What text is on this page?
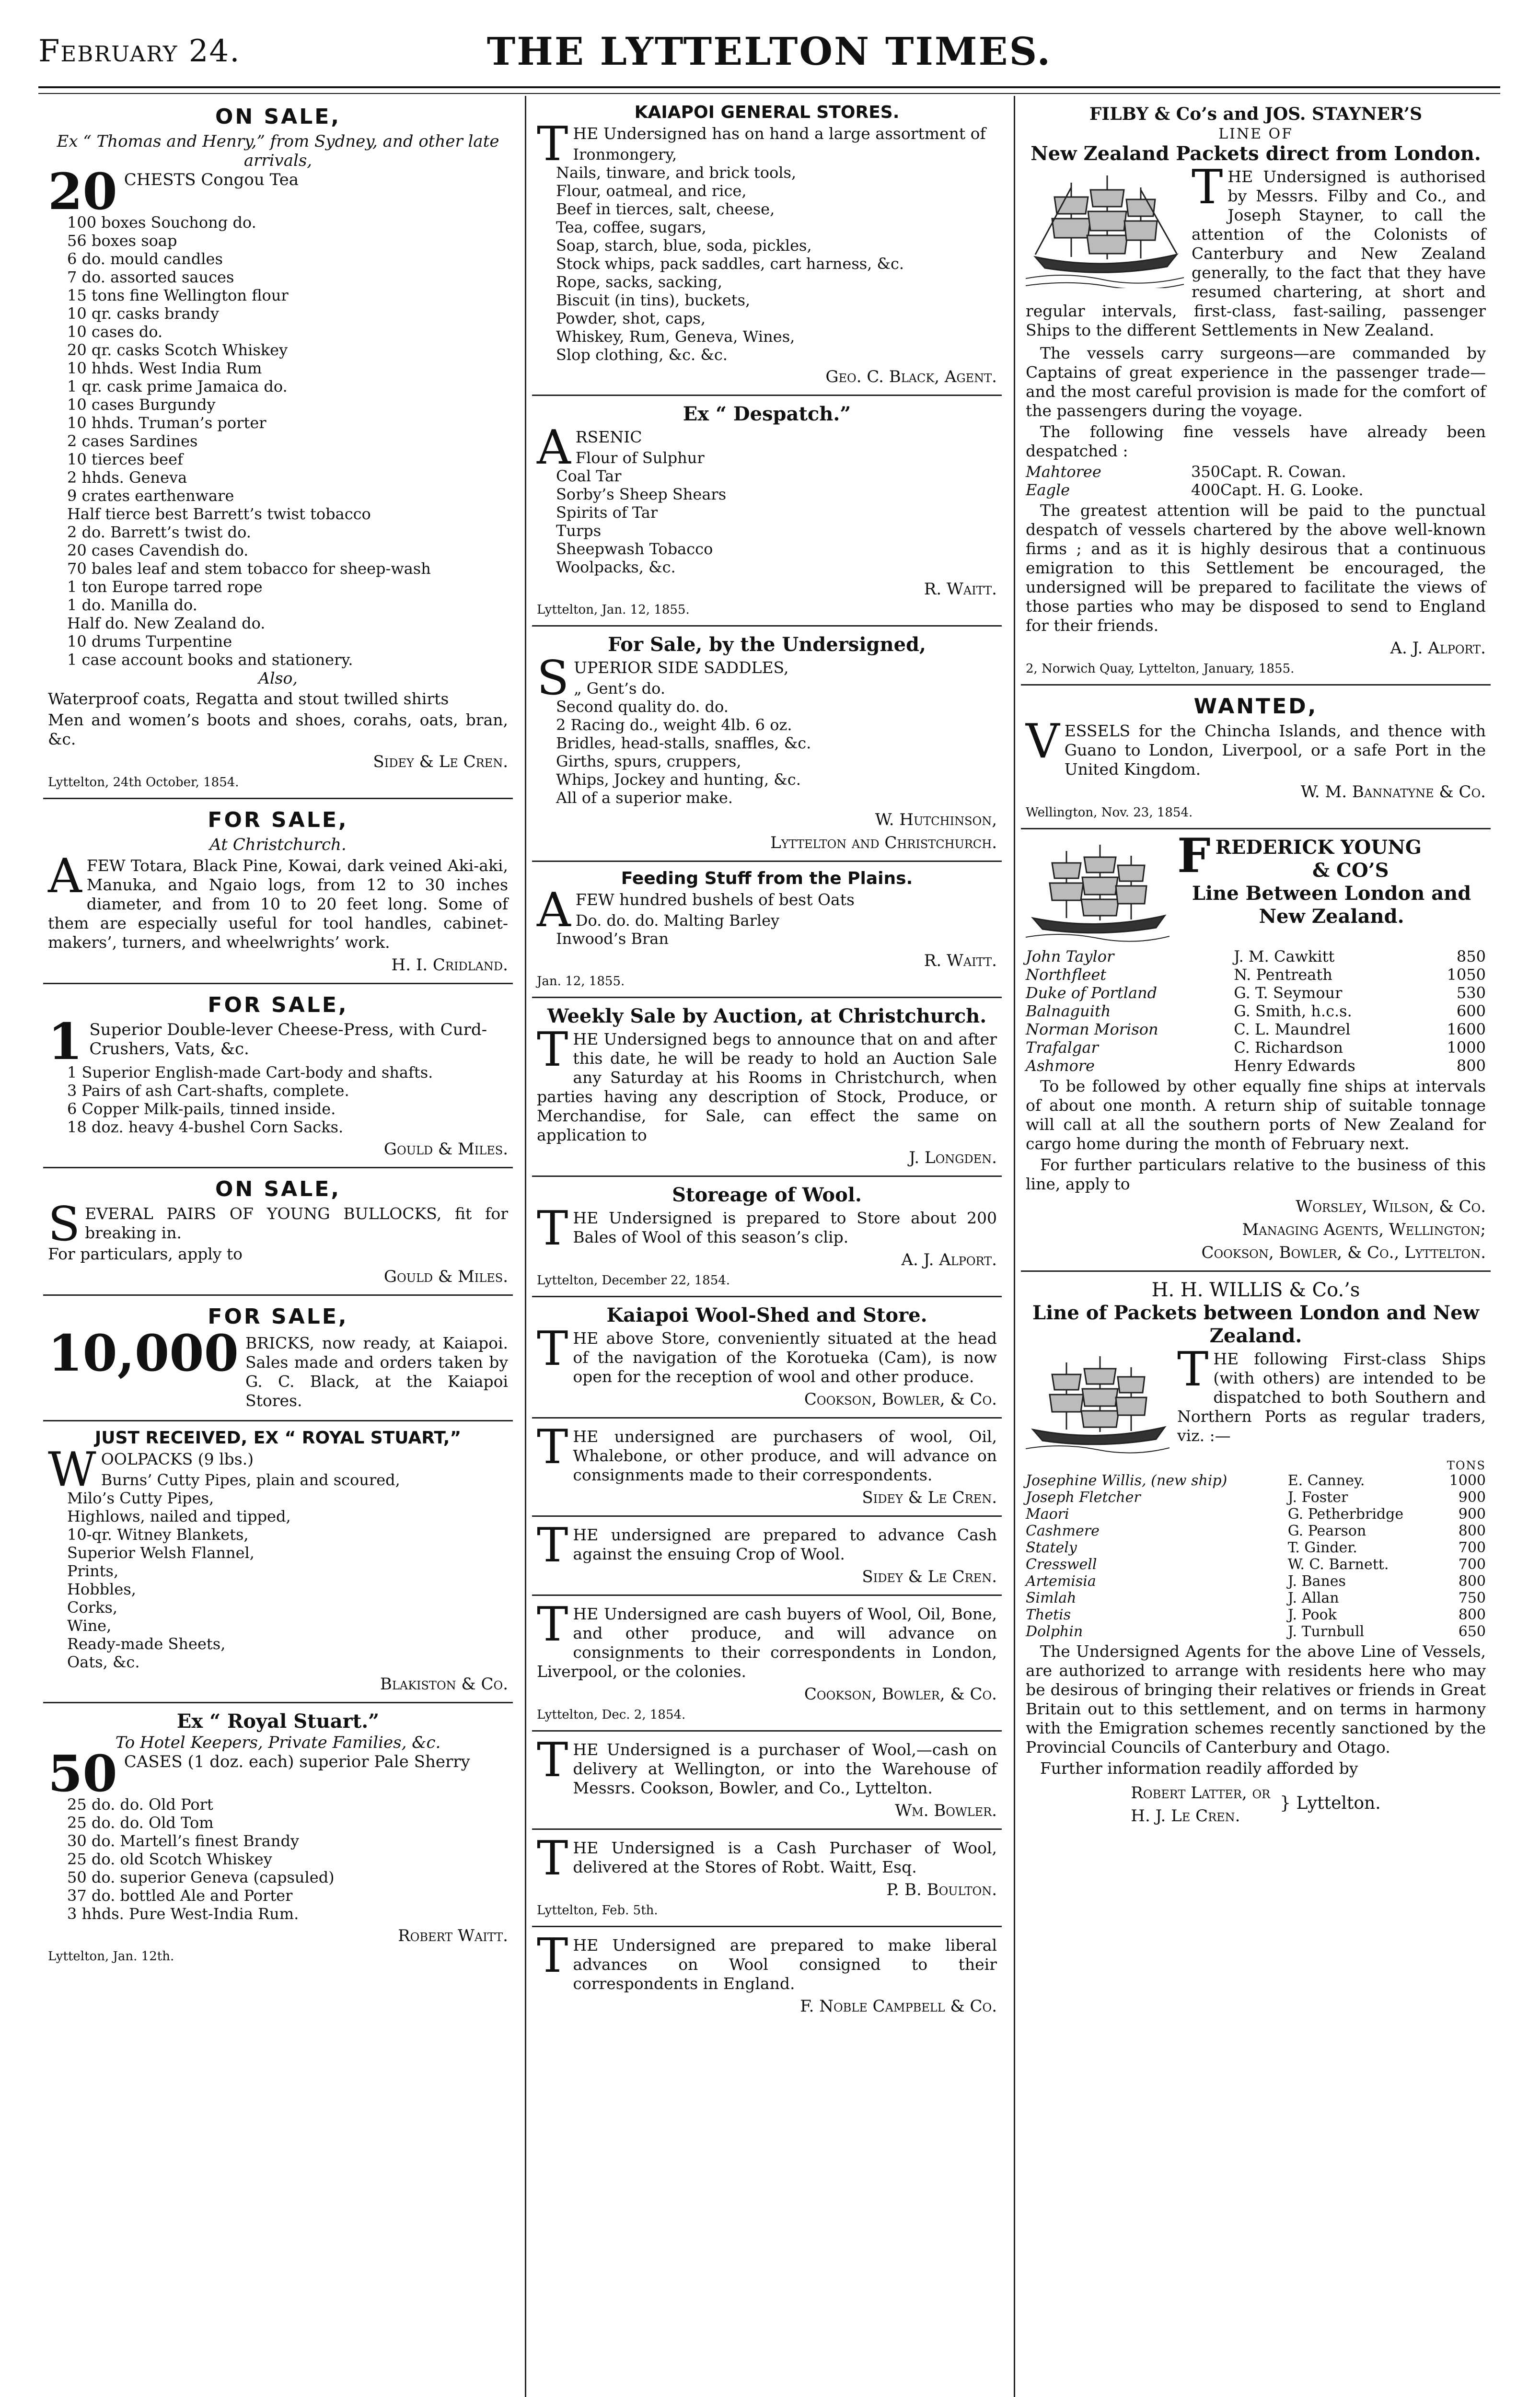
February 24.	THE LYTTELTON TIMES.
ON SALE,
Ex “ Thomas and Henry,” from Sydney, and other late arrivals,
20 CHESTS Congou Tea
100 boxes Souchong do.
56 boxes soap
6 do. mould candles
7 do. assorted sauces
15 tons fine Wellington flour
10 qr. casks brandy
10 cases do.
20 qr. casks Scotch Whiskey
10 hhds. West India Rum
1 qr. cask prime Jamaica do.
10 cases Burgundy
10 hhds. Truman’s porter
2 cases Sardines
10 tierces beef
2 hhds. Geneva
9 crates earthenware
Half tierce best Barrett’s twist tobacco
2 do. Barrett’s twist do.
20 cases Cavendish do.
70 bales leaf and stem tobacco for sheep-wash
1 ton Europe tarred rope
1 do. Manilla do.
Half do. New Zealand do.
10 drums Turpentine
1 case account books and stationery.
Also,
Waterproof coats, Regatta and stout twilled shirts
Men and women’s boots and shoes, corahs, oats, bran, &c.
Sidey & Le Cren.
Lyttelton, 24th October, 1854.
FOR SALE,
At Christchurch.
AFEW Totara, Black Pine, Kowai, dark veined Aki-aki, Manuka, and Ngaio logs, from 12 to 30 inches diameter, and from 10 to 20 feet long. Some of them are especially useful for tool handles, cabinet-makers’, turners, and wheelwrights’ work.
H. I. Cridland.
FOR SALE,
1 Superior Double-lever Cheese-Press, with Curd-Crushers, Vats, &c.
1 Superior English-made Cart-body and shafts.
3 Pairs of ash Cart-shafts, complete.
6 Copper Milk-pails, tinned inside.
18 doz. heavy 4-bushel Corn Sacks.
Gould & Miles.
ON SALE,
SEVERAL PAIRS OF YOUNG BULLOCKS, fit for breaking in.
For particulars, apply to
Gould & Miles.
FOR SALE,
10,000 BRICKS, now ready, at Kaiapoi. Sales made and orders taken by G. C. Black, at the Kaiapoi Stores.
JUST RECEIVED, EX “ ROYAL STUART,”
WOOLPACKS (9 lbs.)
Burns’ Cutty Pipes, plain and scoured,
Milo’s Cutty Pipes,
Highlows, nailed and tipped,
10-qr. Witney Blankets,
Superior Welsh Flannel,
Prints,
Hobbles,
Corks,
Wine,
Ready-made Sheets,
Oats, &c.
Blakiston & Co.
Ex “ Royal Stuart.”
To Hotel Keepers, Private Families, &c.
50 CASES (1 doz. each) superior Pale Sherry
25 do. do. Old Port
25 do. do. Old Tom
30 do. Martell’s finest Brandy
25 do. old Scotch Whiskey
50 do. superior Geneva (capsuled)
37 do. bottled Ale and Porter
3 hhds. Pure West-India Rum.
Robert Waitt.
Lyttelton, Jan. 12th.
KAIAPOI GENERAL STORES.
THE Undersigned has on hand a large assortment of
Ironmongery,
Nails, tinware, and brick tools,
Flour, oatmeal, and rice,
Beef in tierces, salt, cheese,
Tea, coffee, sugars,
Soap, starch, blue, soda, pickles,
Stock whips, pack saddles, cart harness, &c.
Rope, sacks, sacking,
Biscuit (in tins), buckets,
Powder, shot, caps,
Whiskey, Rum, Geneva, Wines,
Slop clothing, &c. &c.
Geo. C. Black, Agent.
Ex “ Despatch.”
ARSENIC
Flour of Sulphur
Coal Tar
Sorby’s Sheep Shears
Spirits of Tar
Turps
Sheepwash Tobacco
Woolpacks, &c.
R. Waitt.
Lyttelton, Jan. 12, 1855.
For Sale, by the Undersigned,
SUPERIOR SIDE SADDLES,
„ Gent’s do.
Second quality do. do.
2 Racing do., weight 4lb. 6 oz.
Bridles, head-stalls, snaffles, &c.
Girths, spurs, cruppers,
Whips, Jockey and hunting, &c.
All of a superior make.
W. Hutchinson,
Lyttelton and Christchurch.
Feeding Stuff from the Plains.
AFEW hundred bushels of best Oats
Do. do. do. Malting Barley
Inwood’s Bran
R. Waitt.
Jan. 12, 1855.
Weekly Sale by Auction, at Christchurch.
THE Undersigned begs to announce that on and after this date, he will be ready to hold an Auction Sale any Saturday at his Rooms in Christchurch, when parties having any description of Stock, Produce, or Merchandise, for Sale, can effect the same on application to
J. Longden.
Storeage of Wool.
THE Undersigned is prepared to Store about 200 Bales of Wool of this season’s clip.
A. J. Alport.
Lyttelton, December 22, 1854.
Kaiapoi Wool-Shed and Store.
THE above Store, conveniently situated at the head of the navigation of the Korotueka (Cam), is now open for the reception of wool and other produce.
Cookson, Bowler, & Co.
THE undersigned are purchasers of wool, Oil, Whalebone, or other produce, and will advance on consignments made to their correspondents.
Sidey & Le Cren.
THE undersigned are prepared to advance Cash against the ensuing Crop of Wool.
Sidey & Le Cren.
THE Undersigned are cash buyers of Wool, Oil, Bone, and other produce, and will advance on consignments to their correspondents in London, Liverpool, or the colonies.
Cookson, Bowler, & Co.
Lyttelton, Dec. 2, 1854.
THE Undersigned is a purchaser of Wool,—cash on delivery at Wellington, or into the Warehouse of Messrs. Cookson, Bowler, and Co., Lyttelton.
Wm. Bowler.
THE Undersigned is a Cash Purchaser of Wool, delivered at the Stores of Robt. Waitt, Esq.
P. B. Boulton.
Lyttelton, Feb. 5th.
THE Undersigned are prepared to make liberal advances on Wool consigned to their correspondents in England.
F. Noble Campbell & Co.
FILBY & Co’s and JOS. STAYNER’S
LINE OF
New Zealand Packets direct from London.
THE Undersigned is authorised by Messrs. Filby and Co., and Joseph Stayner, to call the attention of the Colonists of Canterbury and New Zealand generally, to the fact that they have resumed chartering, at short and regular intervals, first-class, fast-sailing, passenger Ships to the different Settlements in New Zealand.
The vessels carry surgeons—are commanded by Captains of great experience in the passenger trade—and the most careful provision is made for the comfort of the passengers during the voyage.
The following fine vessels have already been despatched :
Mahtoree	350	Capt. R. Cowan.
Eagle	400	Capt. H. G. Looke.
The greatest attention will be paid to the punctual despatch of vessels chartered by the above well-known firms ; and as it is highly desirous that a continuous emigration to this Settlement be encouraged, the undersigned will be prepared to facilitate the views of those parties who may be disposed to send to England for their friends.
A. J. Alport.
2, Norwich Quay, Lyttelton, January, 1855.
WANTED,
VESSELS for the Chincha Islands, and thence with Guano to London, Liverpool, or a safe Port in the United Kingdom.
W. M. Bannatyne & Co.
Wellington, Nov. 23, 1854.
FREDERICK YOUNG
& CO’S
Line Between London and New Zealand.
John Taylor	J. M. Cawkitt	850
Northfleet	N. Pentreath	1050
Duke of Portland	G. T. Seymour	530
Balnaguith	G. Smith, h.c.s.	600
Norman Morison	C. L. Maundrel	1600
Trafalgar	C. Richardson	1000
Ashmore	Henry Edwards	800
To be followed by other equally fine ships at intervals of about one month. A return ship of suitable tonnage will call at all the southern ports of New Zealand for cargo home during the month of February next.
For further particulars relative to the business of this line, apply to
Worsley, Wilson, & Co.
Managing Agents, Wellington;
Cookson, Bowler, & Co., Lyttelton.
H. H. WILLIS & Co.’s
Line of Packets between London and New Zealand.
THE following First-class Ships (with others) are intended to be dispatched to both Southern and Northern Ports as regular traders, viz. :—
TONS
Josephine Willis, (new ship)	E. Canney.	1000
Joseph Fletcher	J. Foster	900
Maori	G. Petherbridge	900
Cashmere	G. Pearson	800
Stately	T. Ginder.	700
Cresswell	W. C. Barnett.	700
Artemisia	J. Banes	800
Simlah	J. Allan	750
Thetis	J. Pook	800
Dolphin	J. Turnbull	650
The Undersigned Agents for the above Line of Vessels, are authorized to arrange with residents here who may be desirous of bringing their relatives or friends in Great Britain out to this settlement, and on terms in harmony with the Emigration schemes recently sanctioned by the Provincial Councils of Canterbury and Otago.
Further information readily afforded by
Robert Latter, or
H. J. Le Cren.
} Lyttelton.
